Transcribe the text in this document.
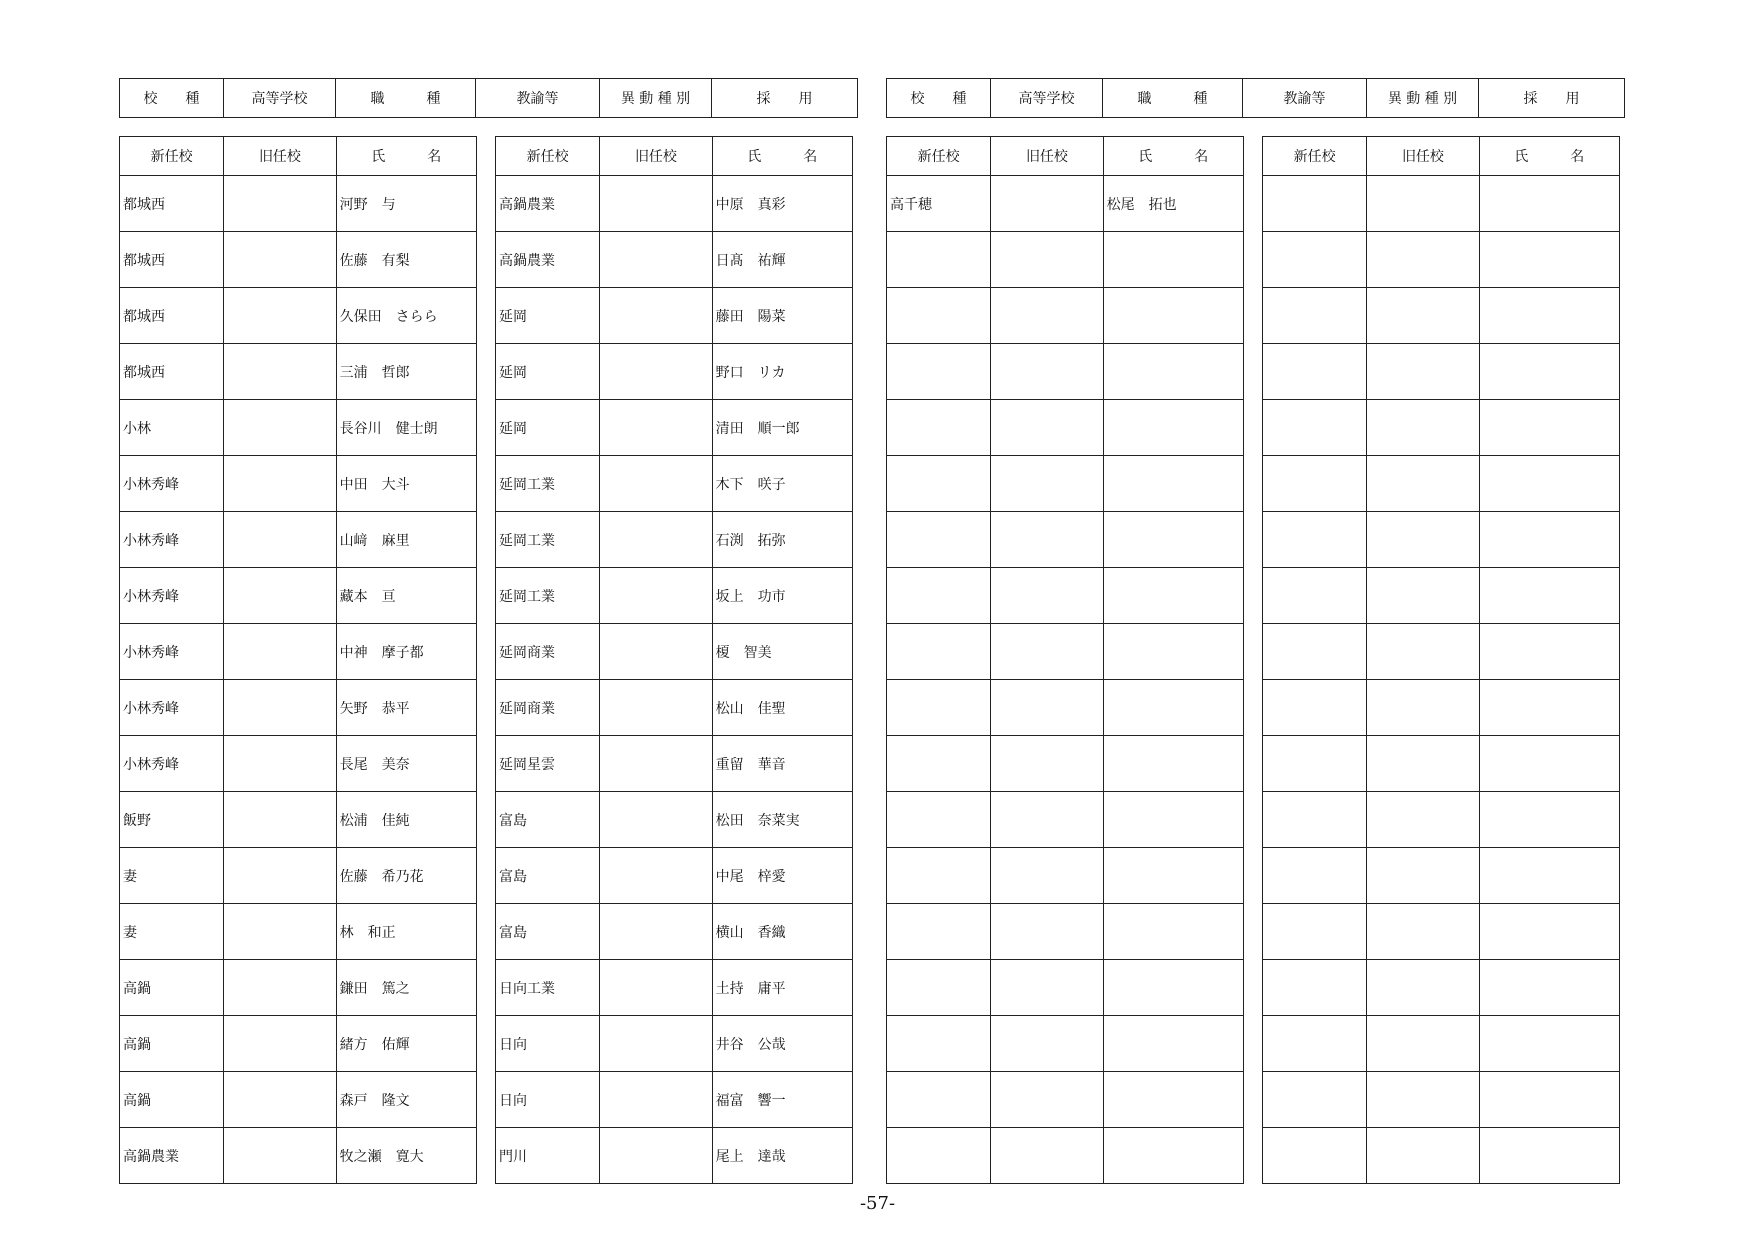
校　　種	高等学校	職　　　種	教諭等	異 動 種 別	採　　用
新任校	旧任校	氏　　　名
都城西		河野　与
都城西		佐藤　有梨
都城西		久保田　さらら
都城西		三浦　哲郎
小林		長谷川　健士朗
小林秀峰		中田　大斗
小林秀峰		山﨑　麻里
小林秀峰		藏本　亘
小林秀峰		中神　摩子都
小林秀峰		矢野　恭平
小林秀峰		長尾　美奈
飯野		松浦　佳純
妻		佐藤　希乃花
妻		林　和正
高鍋		鎌田　篤之
高鍋		緒方　佑輝
高鍋		森戸　隆文
高鍋農業		牧之瀬　寛大
新任校	旧任校	氏　　　名
高鍋農業		中原　真彩
高鍋農業		日髙　祐輝
延岡		藤田　陽菜
延岡		野口　リカ
延岡		清田　順一郎
延岡工業		木下　咲子
延岡工業		石渕　拓弥
延岡工業		坂上　功市
延岡商業		榎　智美
延岡商業		松山　佳聖
延岡星雲		重留　華音
富島		松田　奈菜実
富島		中尾　梓愛
富島		横山　香織
日向工業		土持　庸平
日向		井谷　公哉
日向		福富　響一
門川		尾上　達哉
校　　種	高等学校	職　　　種	教諭等	異 動 種 別	採　　用
新任校	旧任校	氏　　　名
高千穂		松尾　拓也

新任校	旧任校	氏　　　名

-57-
